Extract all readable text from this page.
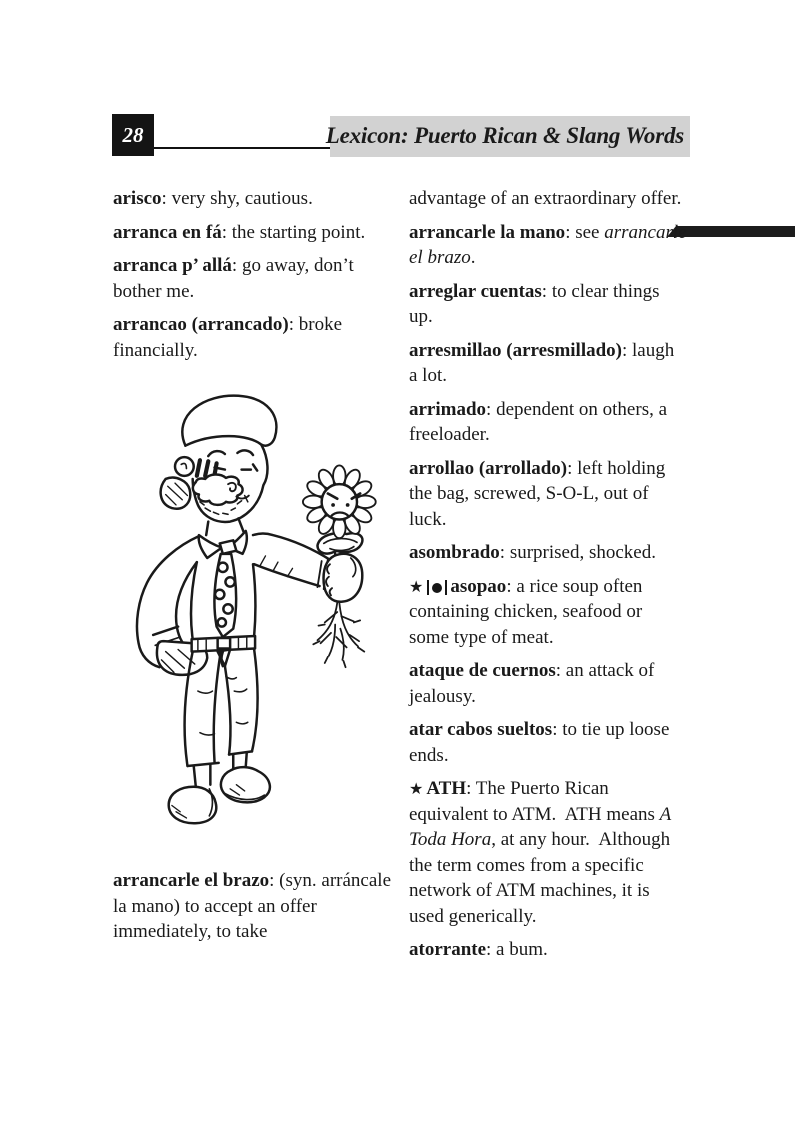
28	Lexicon: Puerto Rican & Slang Words

arisco: very shy, cautious.

arranca en fá: the starting point.

arranca p’ allá: go away, don’t bother me.

arrancao (arrancado): broke financially.

arrancarle el brazo: (syn. arráncale la mano) to accept an offer immediately, to take

advantage of an extraordinary offer.

arrancarle la mano: see arrancarle el brazo.

arreglar cuentas: to clear things up.

arresmillao (arresmillado): laugh a lot.

arrimado: dependent on others, a freeloader.

arrollao (arrollado): left holding the bag, screwed, S-O-L, out of luck.

asombrado: surprised, shocked.

★ asopao: a rice soup often containing chicken, seafood or some type of meat.

ataque de cuernos: an attack of jealousy.

atar cabos sueltos: to tie up loose ends.

★ ATH: The Puerto Rican equivalent to ATM.  ATH means A Toda Hora, at any hour.  Although the term comes from a specific network of ATM machines, it is used generically.

atorrante: a bum.
